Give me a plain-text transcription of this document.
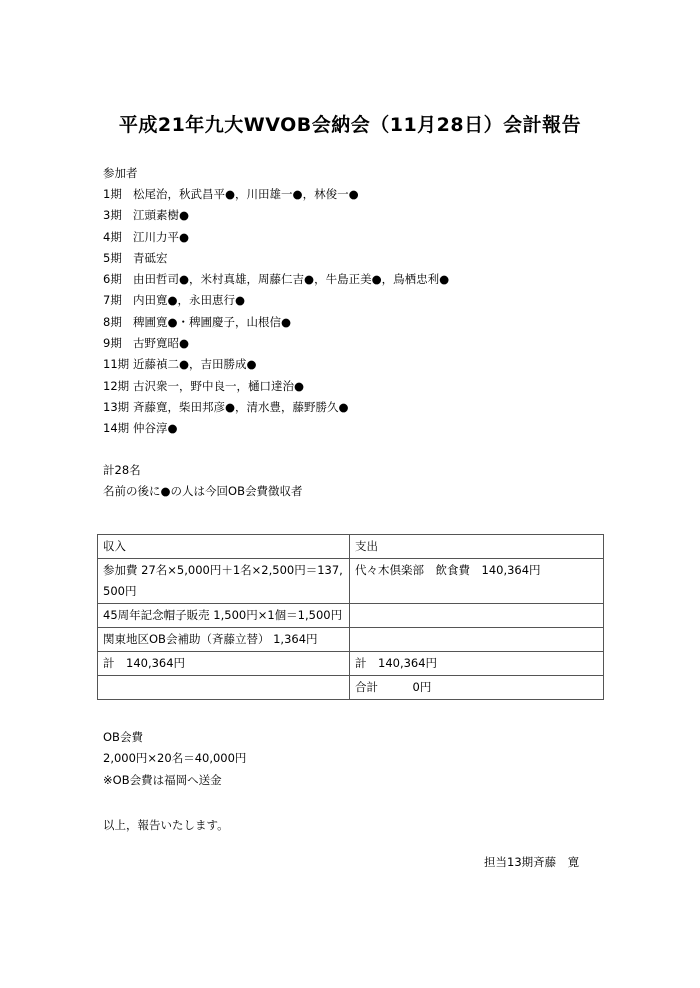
平成21年九大WVOB会納会（11月28日）会計報告
参加者
1期 松尾治，秋武昌平●，川田雄一●，林俊一●
3期 江頭素樹●
4期 江川力平●
5期 青砥宏
6期 由田哲司●，米村真雄，周藤仁吉●，牛島正美●，鳥栖忠利●
7期 内田寛●，永田恵行●
8期 稗圃寛●・稗圃慶子，山根信●
9期 古野寛昭●
11期 近藤禎二●，吉田勝成●
12期 古沢衆一，野中良一，樋口達治●
13期 斉藤寛，柴田邦彦●，清水豊，藤野勝久●
14期 仲谷淳●
計28名
名前の後に●の人は今回OB会費徴収者
収入	支出
参加費 27名×5,000円＋1名×2,500円＝137,500円	代々木倶楽部　飲食費　140,364円
45周年記念帽子販売 1,500円×1個＝1,500円	
関東地区OB会補助（斉藤立替） 1,364円	
計　140,364円	計　140,364円
	合計　　　0円
OB会費
2,000円×20名＝40,000円
※OB会費は福岡へ送金
以上，報告いたします。
担当13期斉藤　寛
